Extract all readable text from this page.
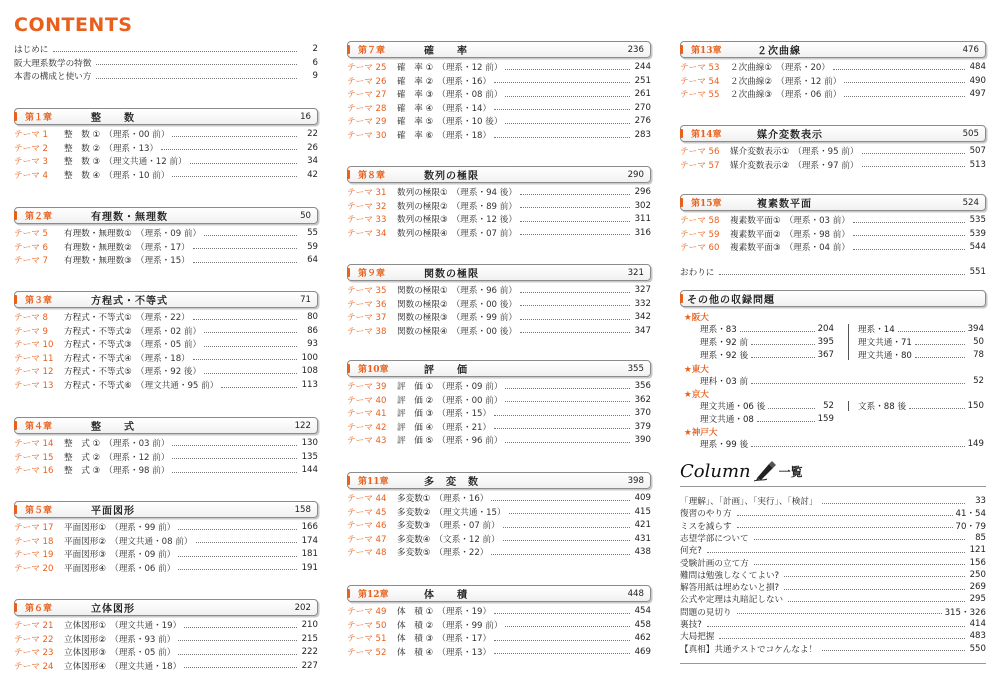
CONTENTS
はじめに	2
阪大理系数学の特徴	6
本書の構成と使い方	9
第１章	整　　数	16
テーマ 1	整　数 ① （理系・00 前）	22
テーマ 2	整　数 ② （理系・13）	26
テーマ 3	整　数 ③ （理文共通・12 前）	34
テーマ 4	整　数 ④ （理系・10 前）	42
第２章	有理数・無理数	50
テーマ 5	有理数・無理数① （理系・09 前）	55
テーマ 6	有理数・無理数② （理系・17）	59
テーマ 7	有理数・無理数③ （理系・15）	64
第３章	方程式・不等式	71
テーマ 8	方程式・不等式① （理系・22）	80
テーマ 9	方程式・不等式② （理系・02 前）	86
テーマ 10	方程式・不等式③ （理系・05 前）	93
テーマ 11	方程式・不等式④ （理系・18）	100
テーマ 12	方程式・不等式⑤ （理系・92 後）	108
テーマ 13	方程式・不等式⑥ （理文共通・95 前）	113
第４章	整　　式	122
テーマ 14	整　式 ① （理系・03 前）	130
テーマ 15	整　式 ② （理系・12 前）	135
テーマ 16	整　式 ③ （理系・98 前）	144
第５章	平面図形	158
テーマ 17	平面図形① （理系・99 前）	166
テーマ 18	平面図形② （理文共通・08 前）	174
テーマ 19	平面図形③ （理系・09 前）	181
テーマ 20	平面図形④ （理系・06 前）	191
第６章	立体図形	202
テーマ 21	立体図形① （理文共通・19）	210
テーマ 22	立体図形② （理系・93 前）	215
テーマ 23	立体図形③ （理系・05 前）	222
テーマ 24	立体図形④ （理文共通・18）	227
第７章	確　　率	236
テーマ 25	確　率 ① （理系・12 前）	244
テーマ 26	確　率 ② （理系・16）	251
テーマ 27	確　率 ③ （理系・08 前）	261
テーマ 28	確　率 ④ （理系・14）	270
テーマ 29	確　率 ⑤ （理系・10 後）	276
テーマ 30	確　率 ⑥ （理系・18）	283
第８章	数列の極限	290
テーマ 31	数列の極限① （理系・94 後）	296
テーマ 32	数列の極限② （理系・89 前）	302
テーマ 33	数列の極限③ （理系・12 後）	311
テーマ 34	数列の極限④ （理系・07 前）	316
第９章	関数の極限	321
テーマ 35	関数の極限① （理系・96 前）	327
テーマ 36	関数の極限② （理系・00 後）	332
テーマ 37	関数の極限③ （理系・99 前）	342
テーマ 38	関数の極限④ （理系・00 後）	347
第10章	評　　価	355
テーマ 39	評　価 ① （理系・09 前）	356
テーマ 40	評　価 ② （理系・00 前）	362
テーマ 41	評　価 ③ （理系・15）	370
テーマ 42	評　価 ④ （理系・21）	379
テーマ 43	評　価 ⑤ （理系・96 前）	390
第11章	多　変　数	398
テーマ 44	多変数① （理系・16）	409
テーマ 45	多変数② （理文共通・15）	415
テーマ 46	多変数③ （理系・07 前）	421
テーマ 47	多変数④ （文系・12 前）	431
テーマ 48	多変数⑤ （理系・22）	438
第12章	体　　積	448
テーマ 49	体　積 ① （理系・19）	454
テーマ 50	体　積 ② （理系・99 前）	458
テーマ 51	体　積 ③ （理系・17）	462
テーマ 52	体　積 ④ （理系・13）	469
第13章	２次曲線	476
テーマ 53	２次曲線① （理系・20）	484
テーマ 54	２次曲線② （理系・12 前）	490
テーマ 55	２次曲線③ （理系・06 前）	497
第14章	媒介変数表示	505
テーマ 56	媒介変数表示① （理系・95 前）	507
テーマ 57	媒介変数表示② （理系・97 前）	513
第15章	複素数平面	524
テーマ 58	複素数平面① （理系・03 前）	535
テーマ 59	複素数平面② （理系・98 前）	539
テーマ 60	複素数平面③ （理系・04 前）	544
おわりに	551
その他の収録問題
★阪大
理系・83	204
理系・92 前	395
理系・92 後	367
理系・14	394
理文共通・71	50
理文共通・80	78
★東大
理科・03 前	52
★京大
理文共通・06 後	52
理文共通・08	159
文系・88 後	150
★神戸大
理系・99 後	149
Column 一覧
「理解」、「計画」、「実行」、「検討」	33
復習のやり方	41・54
ミスを減らす	70・79
志望学部について	85
何充?	121
受験計画の立て方	156
難問は勉強しなくてよい?	250
解答用紙は埋めないと損?	269
公式や定理は丸暗記しない	295
問題の見切り	315・326
裏技?	414
大局把握	483
【真相】共通テストでコケんなよ！	550
